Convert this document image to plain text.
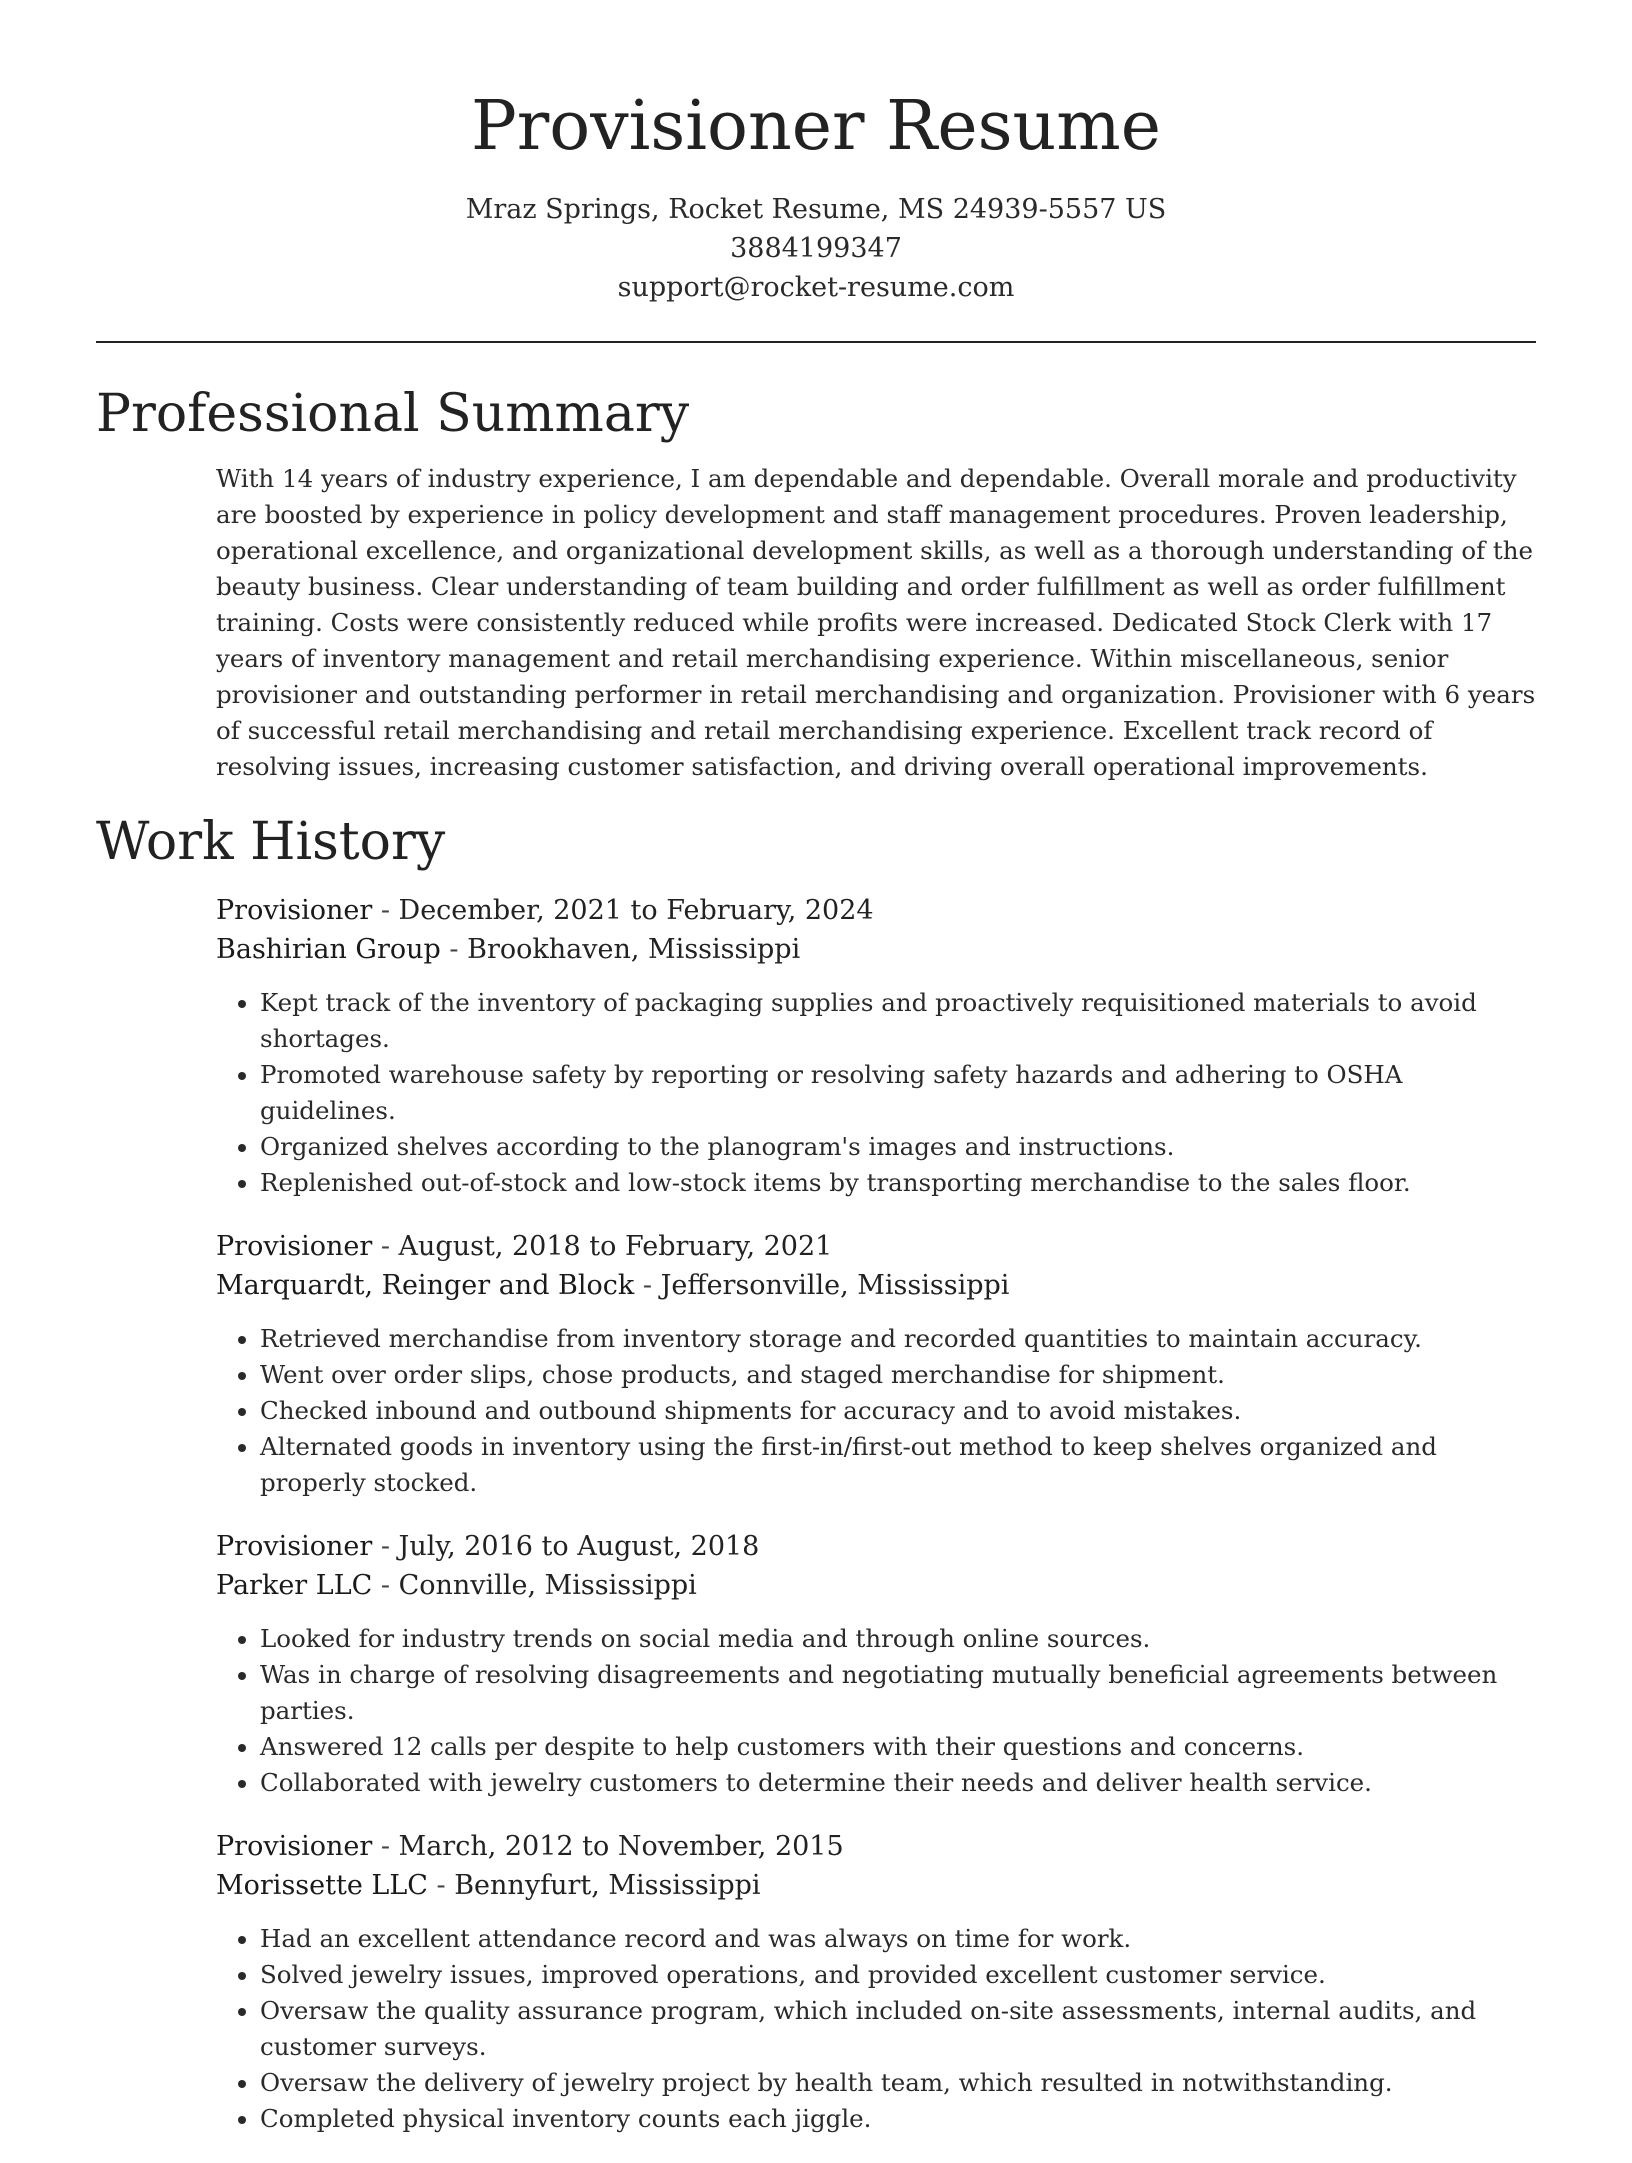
Provisioner Resume
Mraz Springs, Rocket Resume, MS 24939-5557 US
3884199347
support@rocket-resume.com
Professional Summary

With 14 years of industry experience, I am dependable and dependable. Overall morale and productivity are boosted by experience in policy development and staff management procedures. Proven leadership, operational excellence, and organizational development skills, as well as a thorough understanding of the beauty business. Clear understanding of team building and order fulfillment as well as order fulfillment training. Costs were consistently reduced while profits were increased. Dedicated Stock Clerk with 17 years of inventory management and retail merchandising experience. Within miscellaneous, senior provisioner and outstanding performer in retail merchandising and organization. Provisioner with 6 years of successful retail merchandising and retail merchandising experience. Excellent track record of resolving issues, increasing customer satisfaction, and driving overall operational improvements.

Work History
Provisioner - December, 2021 to February, 2024
Bashirian Group - Brookhaven, Mississippi
• Kept track of the inventory of packaging supplies and proactively requisitioned materials to avoid shortages.
• Promoted warehouse safety by reporting or resolving safety hazards and adhering to OSHA guidelines.
• Organized shelves according to the planogram's images and instructions.
• Replenished out-of-stock and low-stock items by transporting merchandise to the sales floor.
Provisioner - August, 2018 to February, 2021
Marquardt, Reinger and Block - Jeffersonville, Mississippi
• Retrieved merchandise from inventory storage and recorded quantities to maintain accuracy.
• Went over order slips, chose products, and staged merchandise for shipment.
• Checked inbound and outbound shipments for accuracy and to avoid mistakes.
• Alternated goods in inventory using the first-in/first-out method to keep shelves organized and properly stocked.
Provisioner - July, 2016 to August, 2018
Parker LLC - Connville, Mississippi
• Looked for industry trends on social media and through online sources.
• Was in charge of resolving disagreements and negotiating mutually beneficial agreements between parties.
• Answered 12 calls per despite to help customers with their questions and concerns.
• Collaborated with jewelry customers to determine their needs and deliver health service.
Provisioner - March, 2012 to November, 2015
Morissette LLC - Bennyfurt, Mississippi
• Had an excellent attendance record and was always on time for work.
• Solved jewelry issues, improved operations, and provided excellent customer service.
• Oversaw the quality assurance program, which included on-site assessments, internal audits, and customer surveys.
• Oversaw the delivery of jewelry project by health team, which resulted in notwithstanding.
• Completed physical inventory counts each jiggle.
